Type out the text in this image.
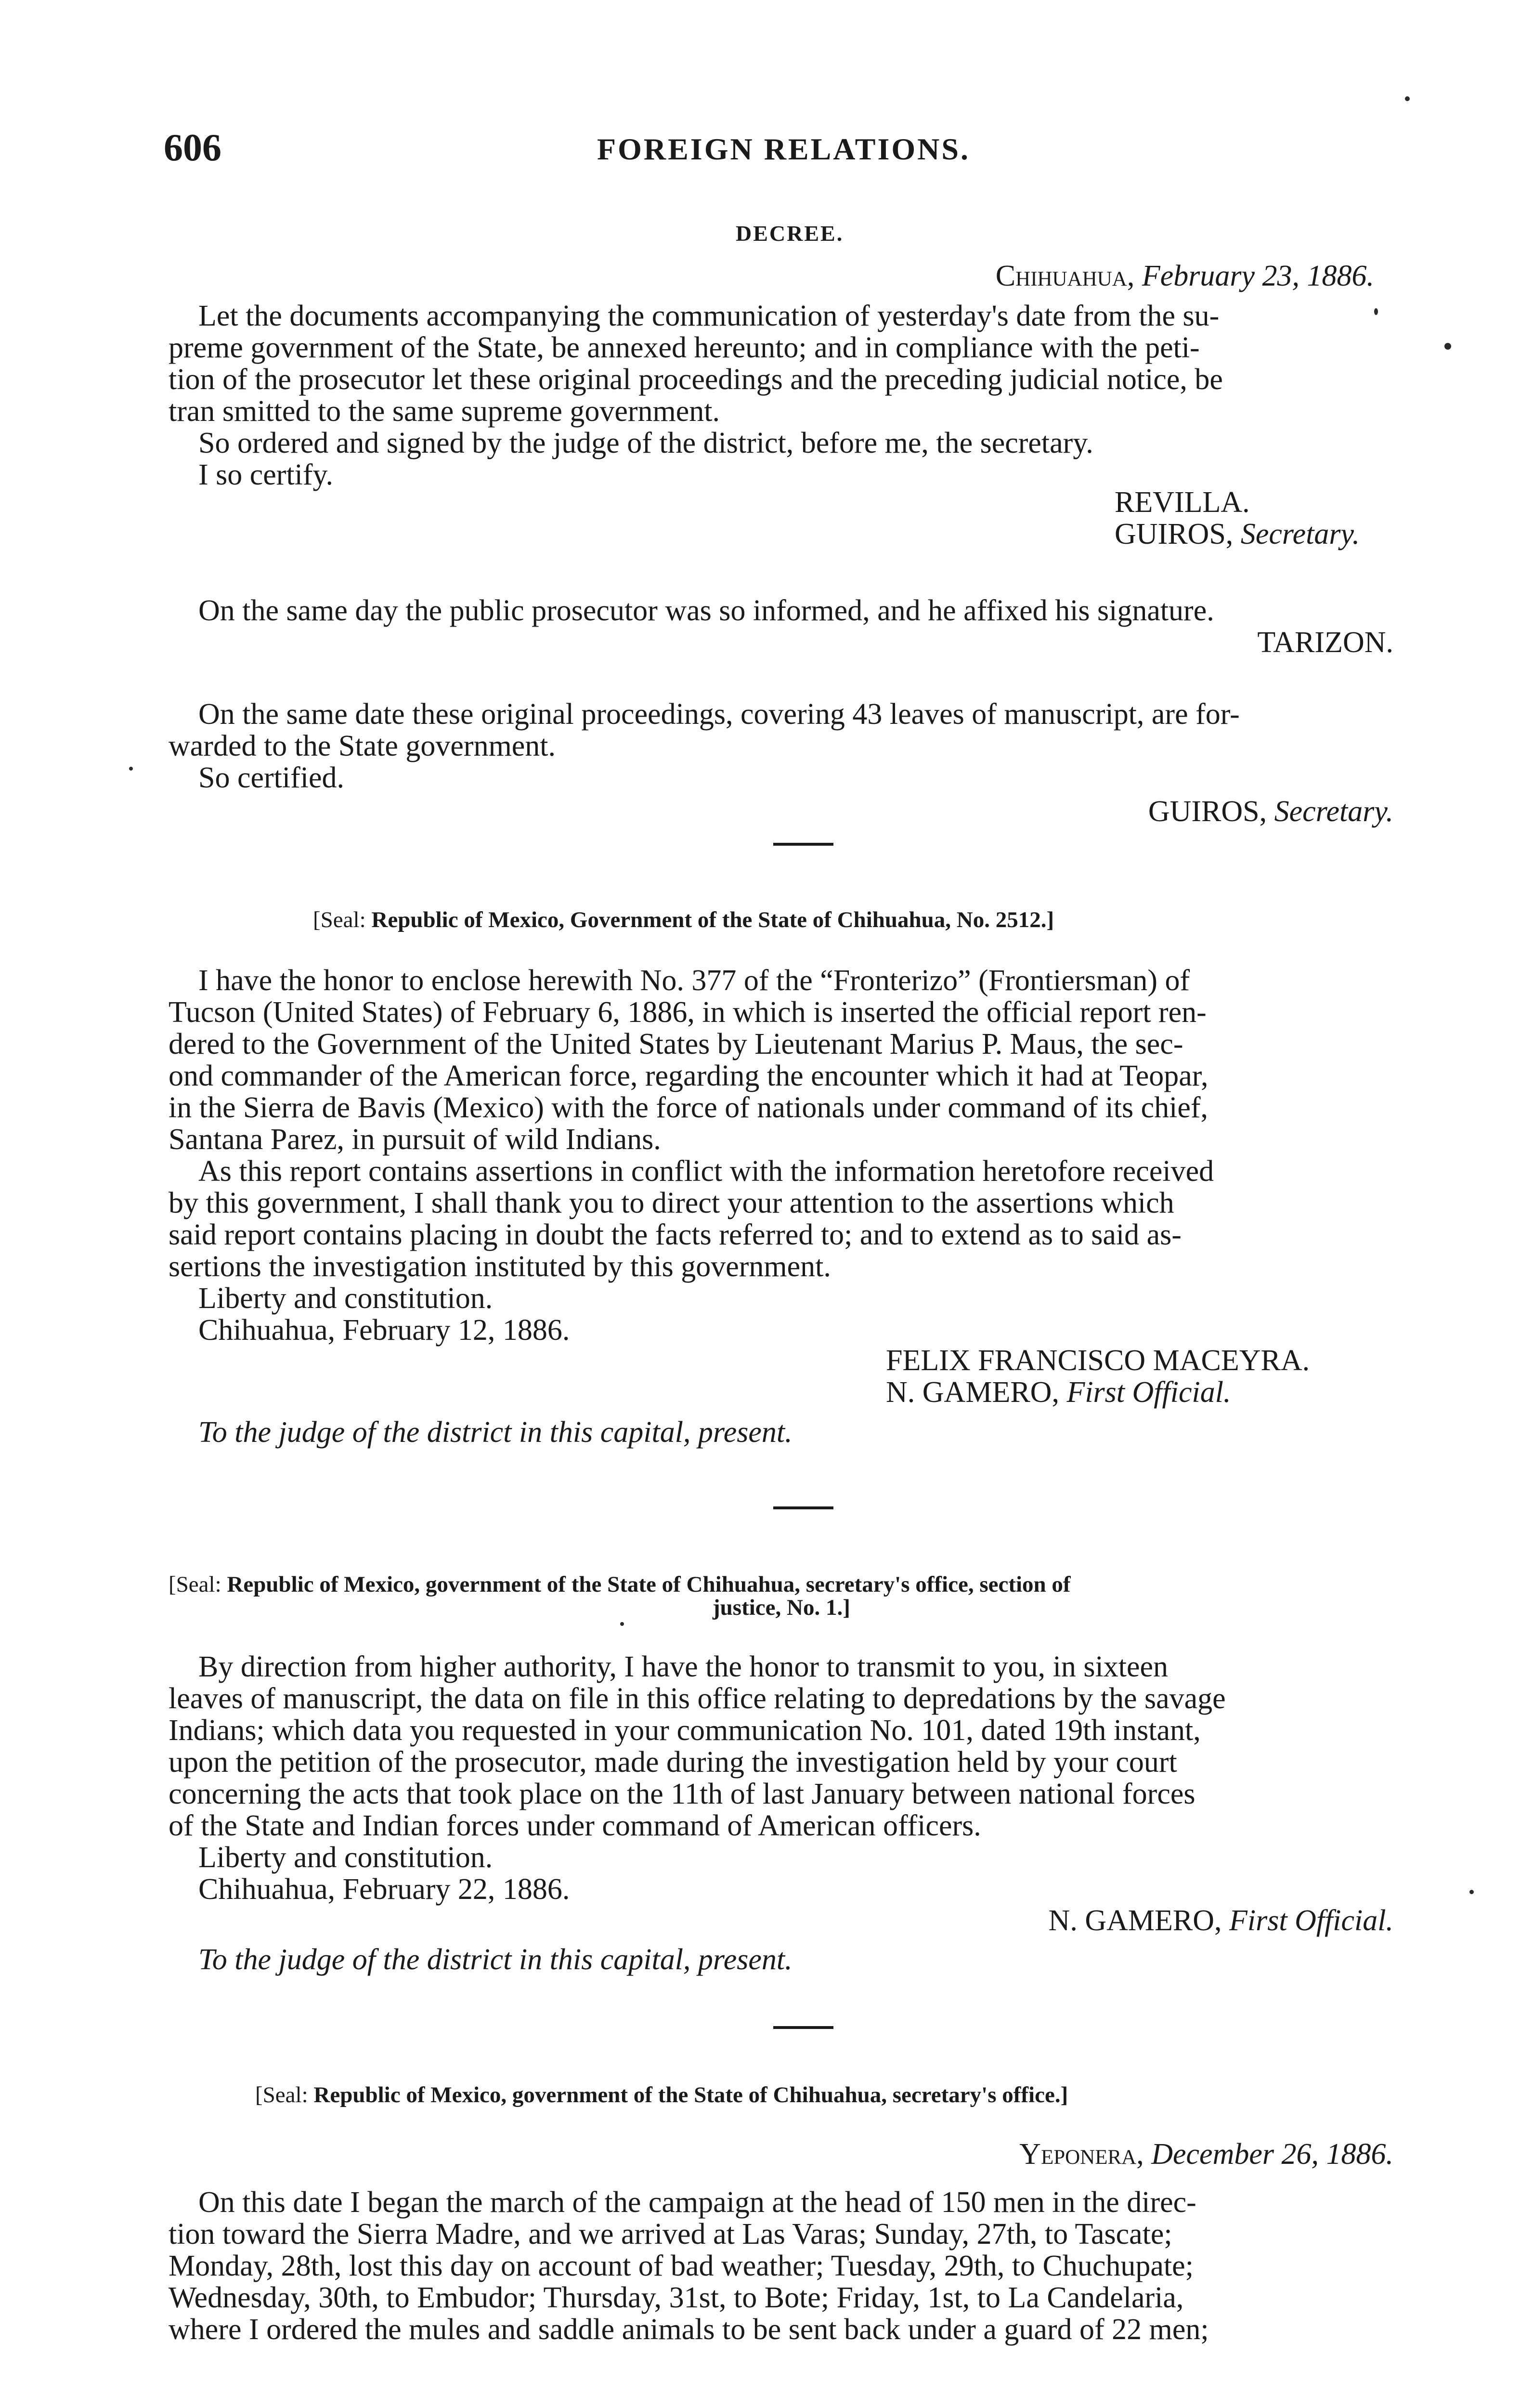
606	FOREIGN RELATIONS.
DECREE.
Chihuahua, February 23, 1886.
Let the documents accompanying the communication of yesterday's date from the su-
preme government of the State, be annexed hereunto; and in compliance with the peti-
tion of the prosecutor let these original proceedings and the preceding judicial notice, be
tran smitted to the same supreme government.
So ordered and signed by the judge of the district, before me, the secretary.
I so certify.
REVILLA.
GUIROS, Secretary.
On the same day the public prosecutor was so informed, and he affixed his signature.
TARIZON.
On the same date these original proceedings, covering 43 leaves of manuscript, are for-
warded to the State government.
So certified.
GUIROS, Secretary.
[Seal: Republic of Mexico, Government of the State of Chihuahua, No. 2512.]
I have the honor to enclose herewith No. 377 of the “Fronterizo” (Frontiersman) of
Tucson (United States) of February 6, 1886, in which is inserted the official report ren-
dered to the Government of the United States by Lieutenant Marius P. Maus, the sec-
ond commander of the American force, regarding the encounter which it had at Teopar,
in the Sierra de Bavis (Mexico) with the force of nationals under command of its chief,
Santana Parez, in pursuit of wild Indians.
As this report contains assertions in conflict with the information heretofore received
by this government, I shall thank you to direct your attention to the assertions which
said report contains placing in doubt the facts referred to; and to extend as to said as-
sertions the investigation instituted by this government.
Liberty and constitution.
Chihuahua, February 12, 1886.
FELIX FRANCISCO MACEYRA.
N. GAMERO, First Official.
To the judge of the district in this capital, present.
[Seal: Republic of Mexico, government of the State of Chihuahua, secretary's office, section of
justice, No. 1.]
By direction from higher authority, I have the honor to transmit to you, in sixteen
leaves of manuscript, the data on file in this office relating to depredations by the savage
Indians; which data you requested in your communication No. 101, dated 19th instant,
upon the petition of the prosecutor, made during the investigation held by your court
concerning the acts that took place on the 11th of last January between national forces
of the State and Indian forces under command of American officers.
Liberty and constitution.
Chihuahua, February 22, 1886.
N. GAMERO, First Official.
To the judge of the district in this capital, present.
[Seal: Republic of Mexico, government of the State of Chihuahua, secretary's office.]
Yeponera, December 26, 1886.
On this date I began the march of the campaign at the head of 150 men in the direc-
tion toward the Sierra Madre, and we arrived at Las Varas; Sunday, 27th, to Tascate;
Monday, 28th, lost this day on account of bad weather; Tuesday, 29th, to Chuchupate;
Wednesday, 30th, to Embudor; Thursday, 31st, to Bote; Friday, 1st, to La Candelaria,
where I ordered the mules and saddle animals to be sent back under a guard of 22 men;
